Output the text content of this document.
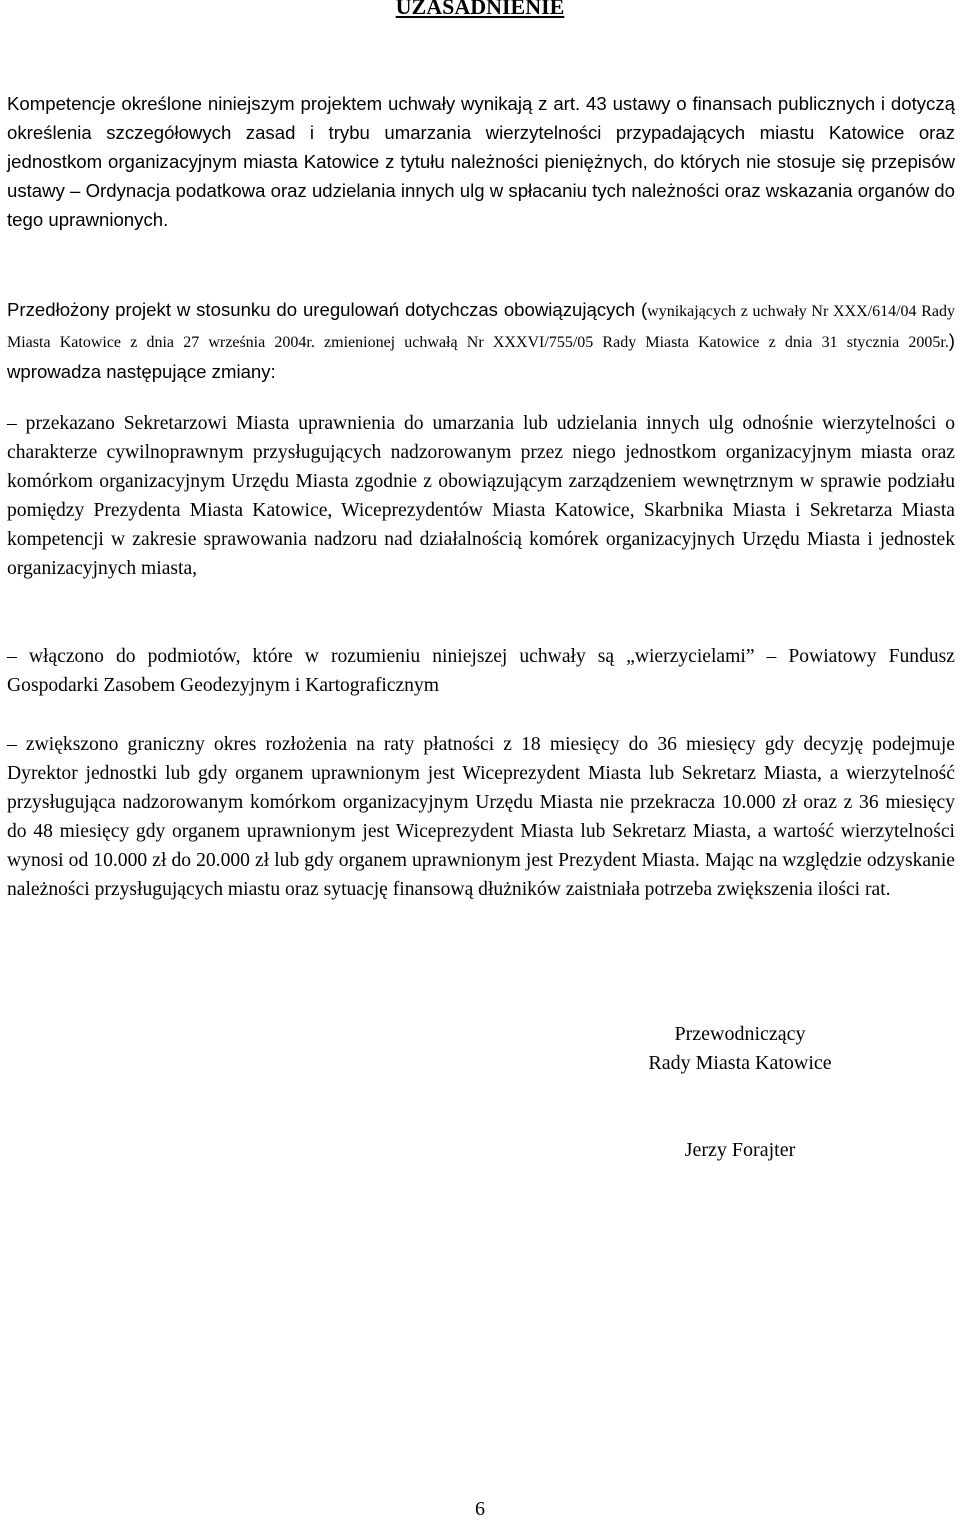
UZASADNIENIE

Kompetencje określone niniejszym projektem uchwały wynikają z art. 43 ustawy o finansach publicznych i dotyczą określenia szczegółowych zasad i trybu umarzania wierzytelności przypadających miastu Katowice oraz jednostkom organizacyjnym miasta Katowice z tytułu należności pieniężnych, do których nie stosuje się przepisów ustawy – Ordynacja podatkowa oraz udzielania innych ulg w spłacaniu tych należności oraz wskazania organów do tego uprawnionych.

Przedłożony projekt w stosunku do uregulowań dotychczas obowiązujących (wynikających z uchwały Nr XXX/614/04 Rady Miasta Katowice z dnia 27 września 2004r. zmienionej uchwałą Nr XXXVI/755/05 Rady Miasta Katowice z dnia 31 stycznia 2005r.) wprowadza następujące zmiany:

– przekazano Sekretarzowi Miasta uprawnienia do umarzania lub udzielania innych ulg odnośnie wierzytelności o charakterze cywilnoprawnym przysługujących nadzorowanym przez niego jednostkom organizacyjnym miasta oraz komórkom organizacyjnym Urzędu Miasta zgodnie z obowiązującym zarządzeniem wewnętrznym w sprawie podziału pomiędzy Prezydenta Miasta Katowice, Wiceprezydentów Miasta Katowice, Skarbnika Miasta i Sekretarza Miasta kompetencji w zakresie sprawowania nadzoru nad działalnością komórek organizacyjnych Urzędu Miasta i jednostek organizacyjnych miasta,

– włączono do podmiotów, które w rozumieniu niniejszej uchwały są „wierzycielami” – Powiatowy Fundusz Gospodarki Zasobem Geodezyjnym i Kartograficznym

– zwiększono graniczny okres rozłożenia na raty płatności z 18 miesięcy do 36 miesięcy gdy decyzję podejmuje Dyrektor jednostki lub gdy organem uprawnionym jest Wiceprezydent Miasta lub Sekretarz Miasta, a wierzytelność przysługująca nadzorowanym komórkom organizacyjnym Urzędu Miasta nie przekracza 10.000 zł oraz z 36 miesięcy do 48 miesięcy gdy organem uprawnionym jest Wiceprezydent Miasta lub Sekretarz Miasta, a wartość wierzytelności wynosi od 10.000 zł do 20.000 zł lub gdy organem uprawnionym jest Prezydent Miasta. Mając na względzie odzyskanie należności przysługujących miastu oraz sytuację finansową dłużników zaistniała potrzeba zwiększenia ilości rat.

Przewodniczący
Rady Miasta Katowice

Jerzy Forajter

6
